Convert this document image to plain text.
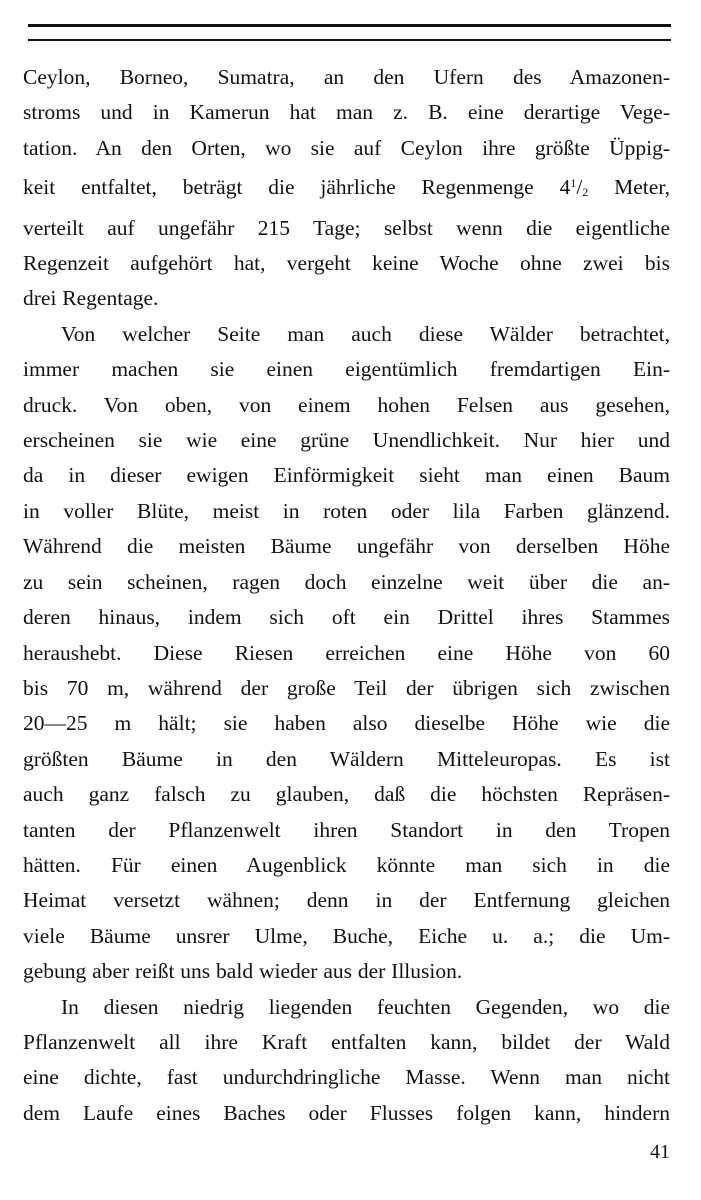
Ceylon, Borneo, Sumatra, an den Ufern des Amazonen-

stroms und in Kamerun hat man z. B. eine derartige Vege-

tation. An den Orten, wo sie auf Ceylon ihre größte Üppig-

keit entfaltet, beträgt die jährliche Regenmenge $4^1/_2$ Meter,

verteilt auf ungefähr 215 Tage; selbst wenn die eigentliche

Regenzeit aufgehört hat, vergeht keine Woche ohne zwei bis

drei Regentage.

Von welcher Seite man auch diese Wälder betrachtet,

immer machen sie einen eigentümlich fremdartigen Ein-

druck. Von oben, von einem hohen Felsen aus gesehen,

erscheinen sie wie eine grüne Unendlichkeit. Nur hier und

da in dieser ewigen Einförmigkeit sieht man einen Baum

in voller Blüte, meist in roten oder lila Farben glänzend.

Während die meisten Bäume ungefähr von derselben Höhe

zu sein scheinen, ragen doch einzelne weit über die an-

deren hinaus, indem sich oft ein Drittel ihres Stammes

heraushebt. Diese Riesen erreichen eine Höhe von 60

bis 70 m, während der große Teil der übrigen sich zwischen

20—25 m hält; sie haben also dieselbe Höhe wie die

größten Bäume in den Wäldern Mitteleuropas. Es ist

auch ganz falsch zu glauben, daß die höchsten Repräsen-

tanten der Pflanzenwelt ihren Standort in den Tropen

hätten. Für einen Augenblick könnte man sich in die

Heimat versetzt wähnen; denn in der Entfernung gleichen

viele Bäume unsrer Ulme, Buche, Eiche u. a.; die Um-

gebung aber reißt uns bald wieder aus der Illusion.

In diesen niedrig liegenden feuchten Gegenden, wo die

Pflanzenwelt all ihre Kraft entfalten kann, bildet der Wald

eine dichte, fast undurchdringliche Masse. Wenn man nicht

dem Laufe eines Baches oder Flusses folgen kann, hindern

41
